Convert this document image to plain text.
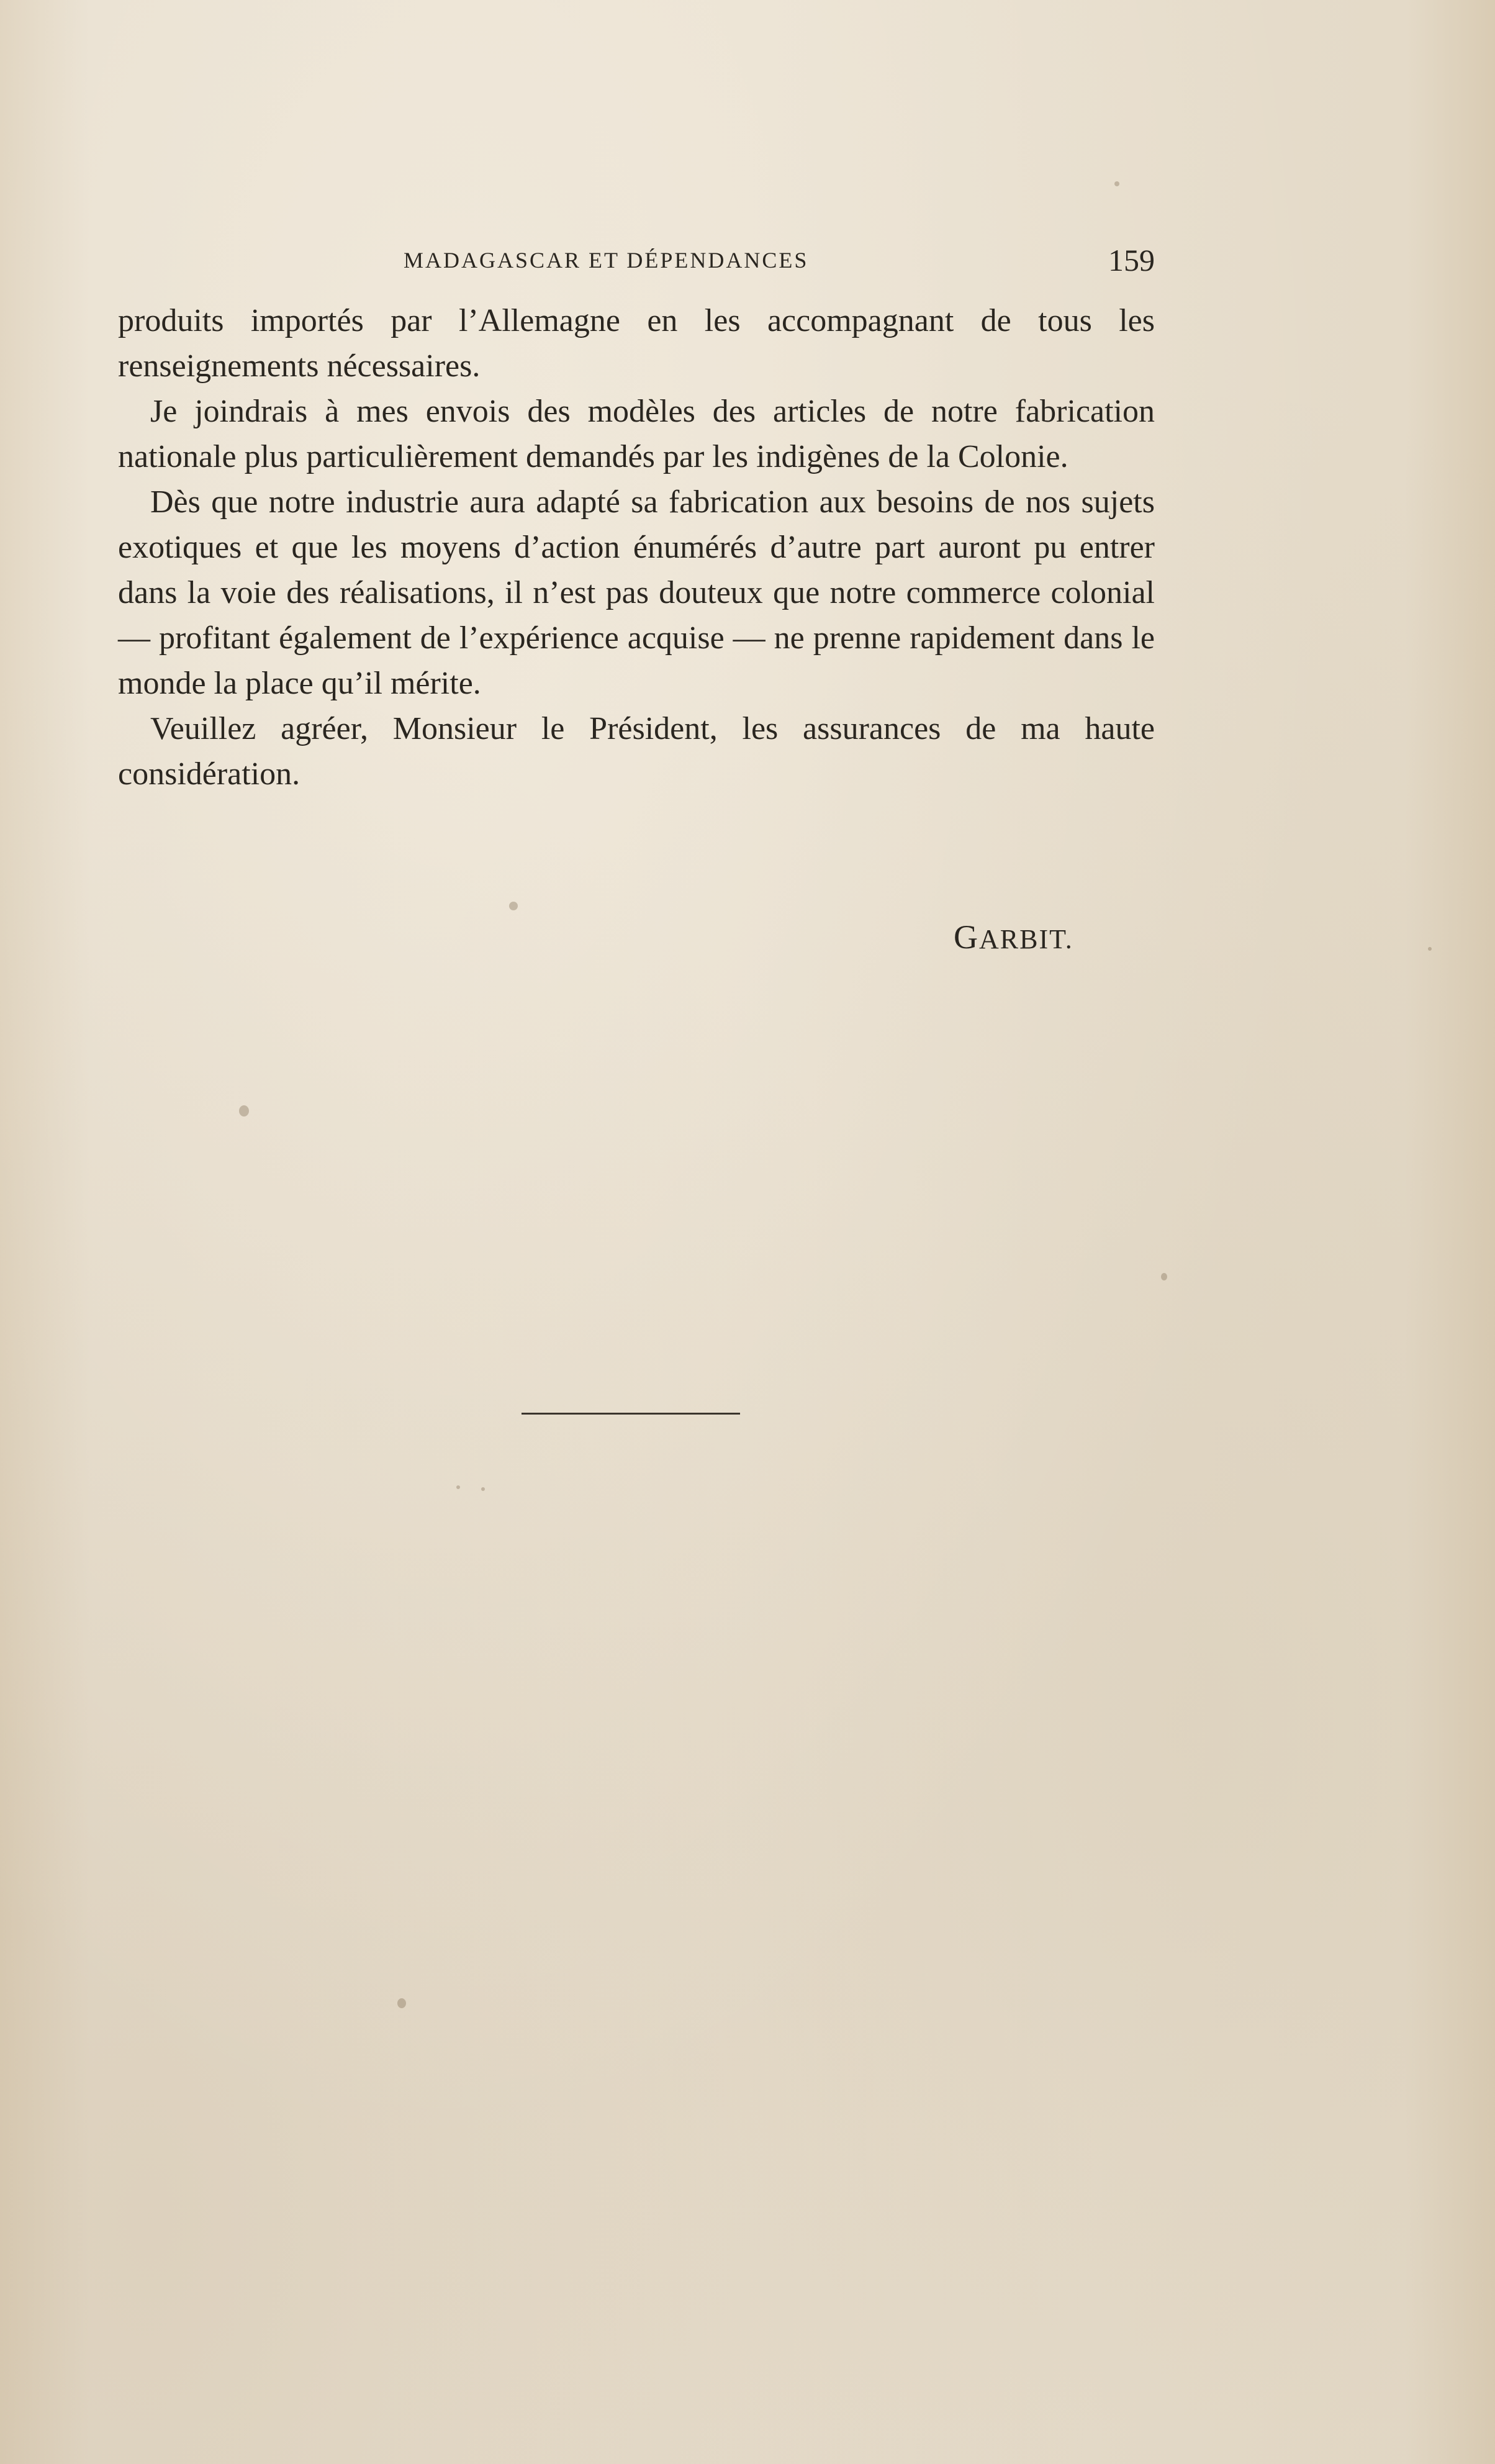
MADAGASCAR ET DÉPENDANCES	159

produits importés par l’Allemagne en les accompagnant de tous les renseignements nécessaires.

Je joindrais à mes envois des modèles des articles de notre fabrication nationale plus particulièrement demandés par les indigènes de la Colonie.

Dès que notre industrie aura adapté sa fabrication aux besoins de nos sujets exotiques et que les moyens d’action énumérés d’autre part auront pu entrer dans la voie des réalisations, il n’est pas douteux que notre commerce colonial — profitant également de l’expérience acquise — ne prenne rapidement dans le monde la place qu’il mérite.

Veuillez agréer, Monsieur le Président, les assurances de ma haute considération.

GARBIT.
